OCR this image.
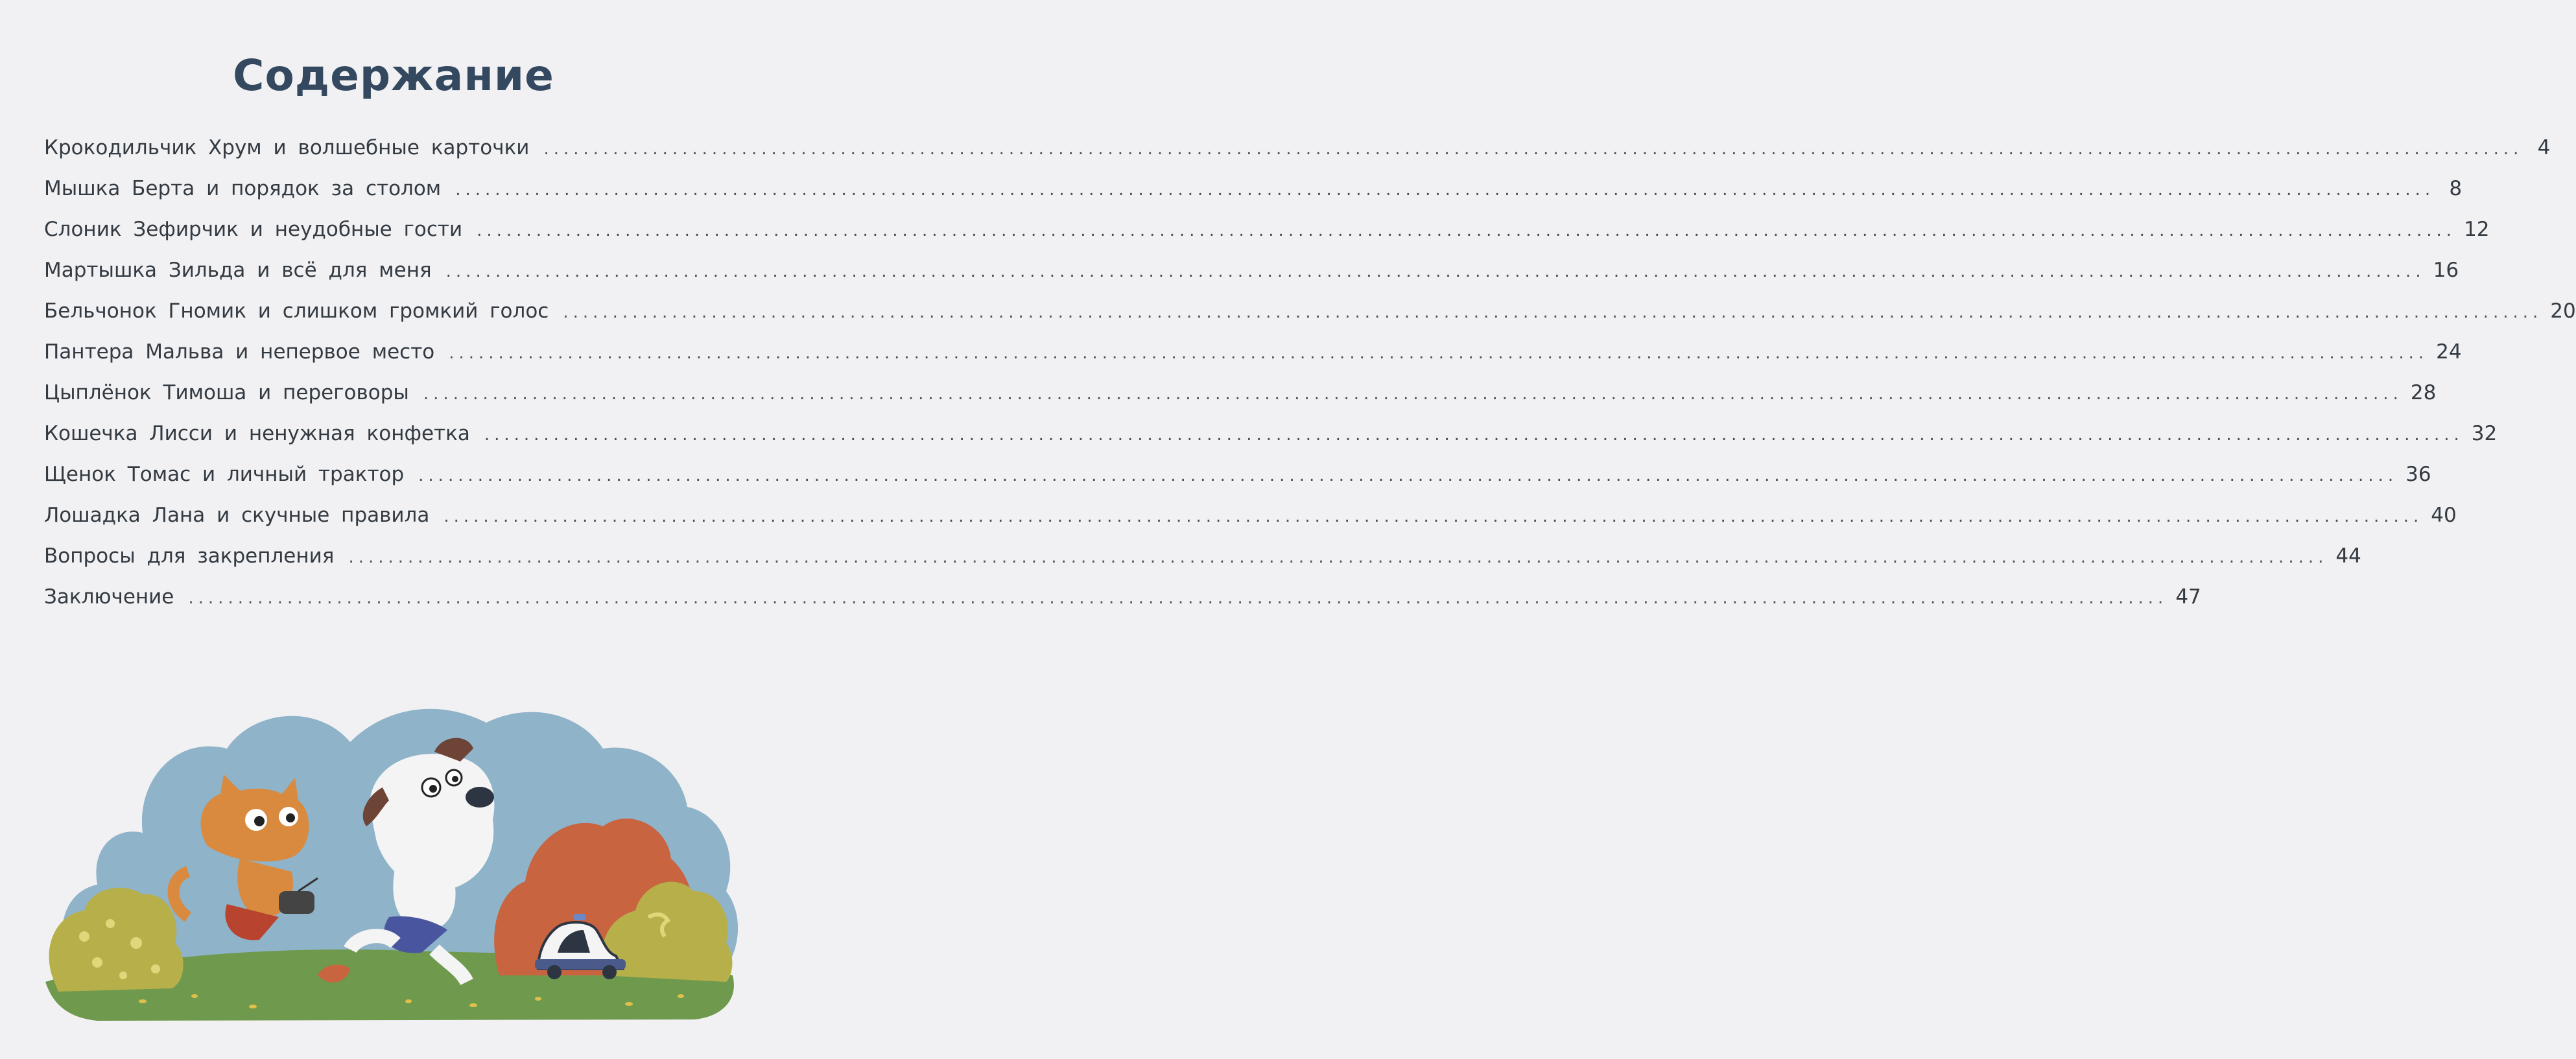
Содержание
Крокодильчик Хрум и волшебные карточки ........................................................................................................................................................................................................ 4
Мышка Берта и порядок за столом ........................................................................................................................................................................................................ 8
Слоник Зефирчик и неудобные гости ........................................................................................................................................................................................................ 12
Мартышка Зильда и всё для меня ........................................................................................................................................................................................................ 16
Бельчонок Гномик и слишком громкий голос ........................................................................................................................................................................................................ 20
Пантера Мальва и непервое место ........................................................................................................................................................................................................ 24
Цыплёнок Тимоша и переговоры ........................................................................................................................................................................................................ 28
Кошечка Лисси и ненужная конфетка ........................................................................................................................................................................................................ 32
Щенок Томас и личный трактор ........................................................................................................................................................................................................ 36
Лошадка Лана и скучные правила ........................................................................................................................................................................................................ 40
Вопросы для закрепления ........................................................................................................................................................................................................ 44
Заключение ........................................................................................................................................................................................................ 47
